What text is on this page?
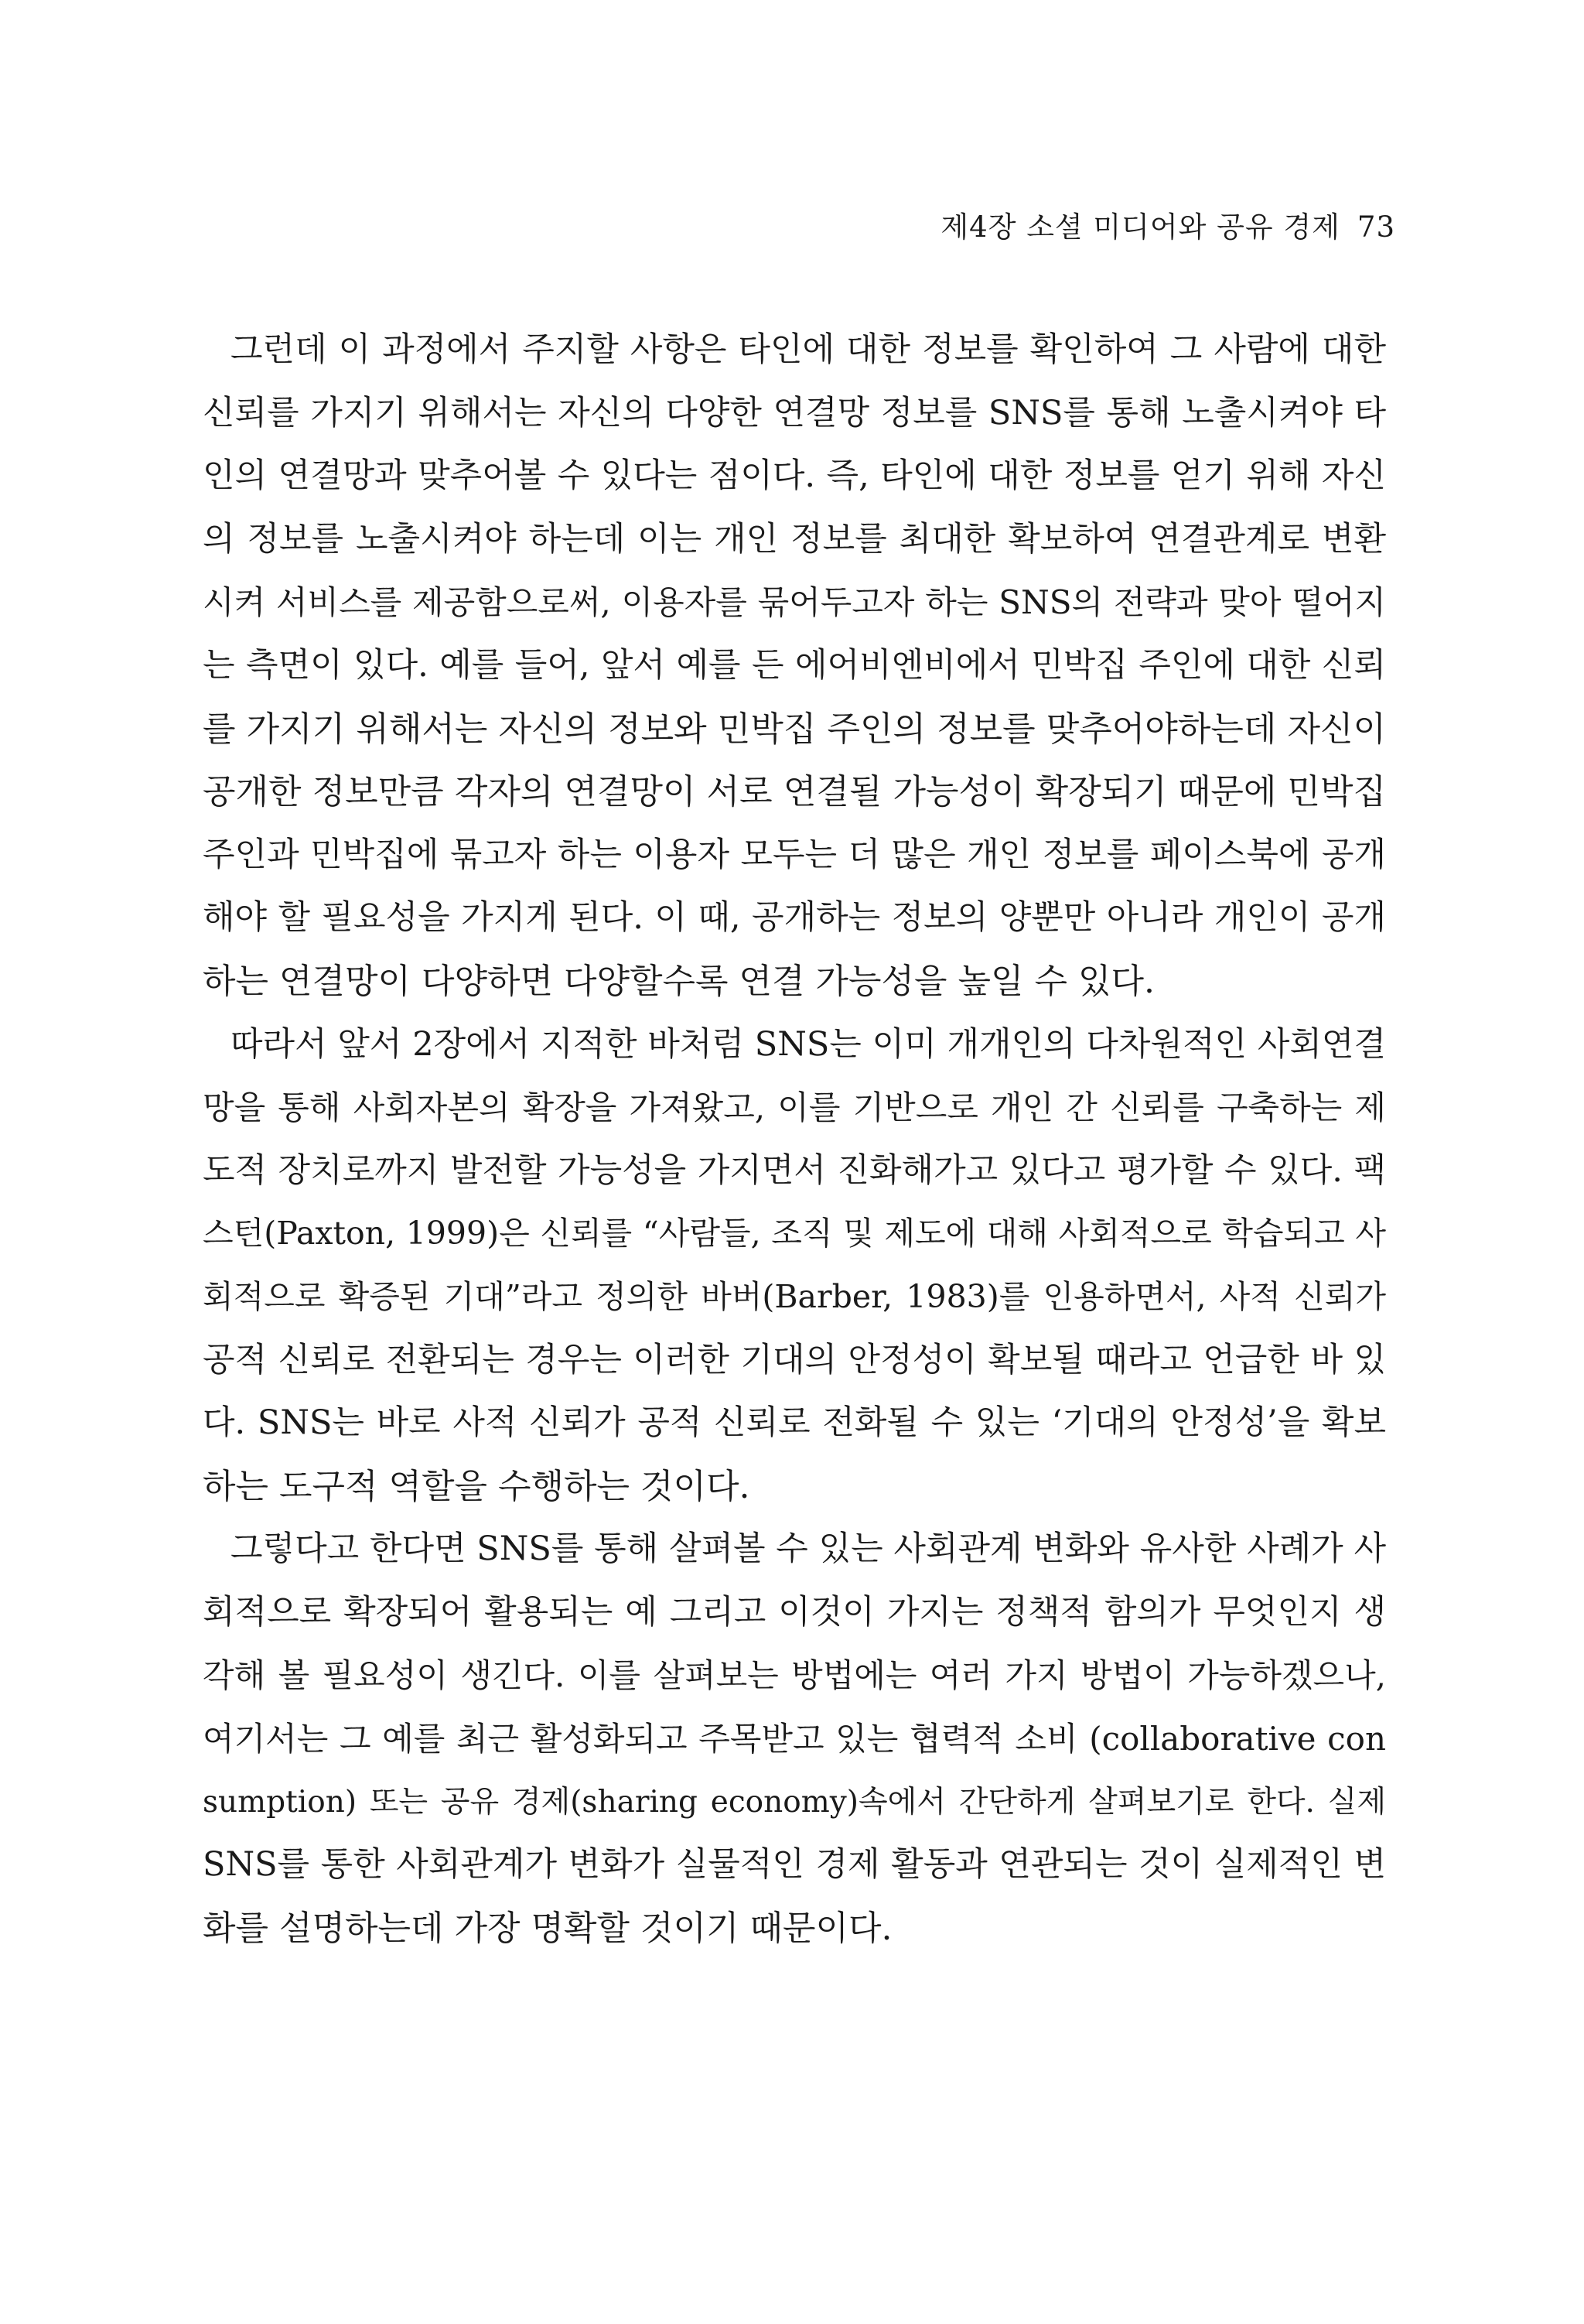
제4장 소셜 미디어와 공유 경제 73
그런데 이 과정에서 주지할 사항은 타인에 대한 정보를 확인하여 그 사람에 대한
신뢰를 가지기 위해서는 자신의 다양한 연결망 정보를 SNS를 통해 노출시켜야 타
인의 연결망과 맞추어볼 수 있다는 점이다. 즉, 타인에 대한 정보를 얻기 위해 자신
의 정보를 노출시켜야 하는데 이는 개인 정보를 최대한 확보하여 연결관계로 변환
시켜 서비스를 제공함으로써, 이용자를 묶어두고자 하는 SNS의 전략과 맞아 떨어지
는 측면이 있다. 예를 들어, 앞서 예를 든 에어비엔비에서 민박집 주인에 대한 신뢰
를 가지기 위해서는 자신의 정보와 민박집 주인의 정보를 맞추어야하는데 자신이
공개한 정보만큼 각자의 연결망이 서로 연결될 가능성이 확장되기 때문에 민박집
주인과 민박집에 묶고자 하는 이용자 모두는 더 많은 개인 정보를 페이스북에 공개
해야 할 필요성을 가지게 된다. 이 때, 공개하는 정보의 양뿐만 아니라 개인이 공개
하는 연결망이 다양하면 다양할수록 연결 가능성을 높일 수 있다.
따라서 앞서 2장에서 지적한 바처럼 SNS는 이미 개개인의 다차원적인 사회연결
망을 통해 사회자본의 확장을 가져왔고, 이를 기반으로 개인 간 신뢰를 구축하는 제
도적 장치로까지 발전할 가능성을 가지면서 진화해가고 있다고 평가할 수 있다. 팩
스턴(Paxton, 1999)은 신뢰를 “사람들, 조직 및 제도에 대해 사회적으로 학습되고 사
회적으로 확증된 기대”라고 정의한 바버(Barber, 1983)를 인용하면서, 사적 신뢰가
공적 신뢰로 전환되는 경우는 이러한 기대의 안정성이 확보될 때라고 언급한 바 있
다. SNS는 바로 사적 신뢰가 공적 신뢰로 전화될 수 있는 ‘기대의 안정성’을 확보
하는 도구적 역할을 수행하는 것이다.
그렇다고 한다면 SNS를 통해 살펴볼 수 있는 사회관계 변화와 유사한 사례가 사
회적으로 확장되어 활용되는 예 그리고 이것이 가지는 정책적 함의가 무엇인지 생
각해 볼 필요성이 생긴다. 이를 살펴보는 방법에는 여러 가지 방법이 가능하겠으나,
여기서는 그 예를 최근 활성화되고 주목받고 있는 협력적 소비 (collaborative con
sumption) 또는 공유 경제(sharing economy)속에서 간단하게 살펴보기로 한다. 실제
SNS를 통한 사회관계가 변화가 실물적인 경제 활동과 연관되는 것이 실제적인 변
화를 설명하는데 가장 명확할 것이기 때문이다.
